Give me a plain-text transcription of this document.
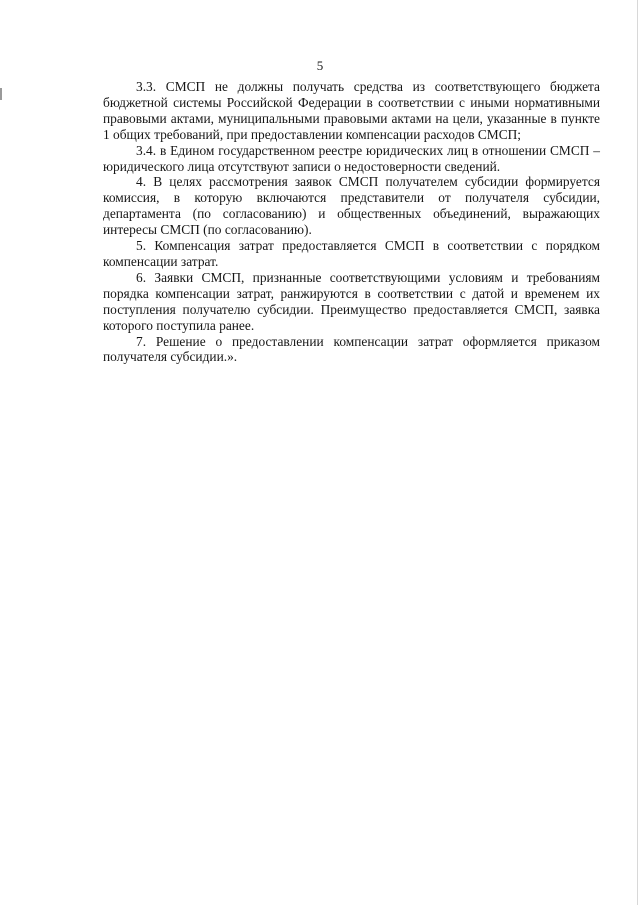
5

3.3. СМСП не должны получать средства из соответствующего бюджета бюджетной системы Российской Федерации в соответствии с иными нормативными правовыми актами, муниципальными правовыми актами на цели, указанные в пункте 1 общих требований, при предоставлении компенсации расходов СМСП;

3.4. в Едином государственном реестре юридических лиц в отношении СМСП – юридического лица отсутствуют записи о недостоверности сведений.

4. В целях рассмотрения заявок СМСП получателем субсидии формируется комиссия, в которую включаются представители от получателя субсидии, департамента (по согласованию) и общественных объединений, выражающих интересы СМСП (по согласованию).

5. Компенсация затрат предоставляется СМСП в соответствии с порядком компенсации затрат.

6. Заявки СМСП, признанные соответствующими условиям и требованиям порядка компенсации затрат, ранжируются в соответствии с датой и временем их поступления получателю субсидии. Преимущество предоставляется СМСП, заявка которого поступила ранее.

7. Решение о предоставлении компенсации затрат оформляется приказом получателя субсидии.».
